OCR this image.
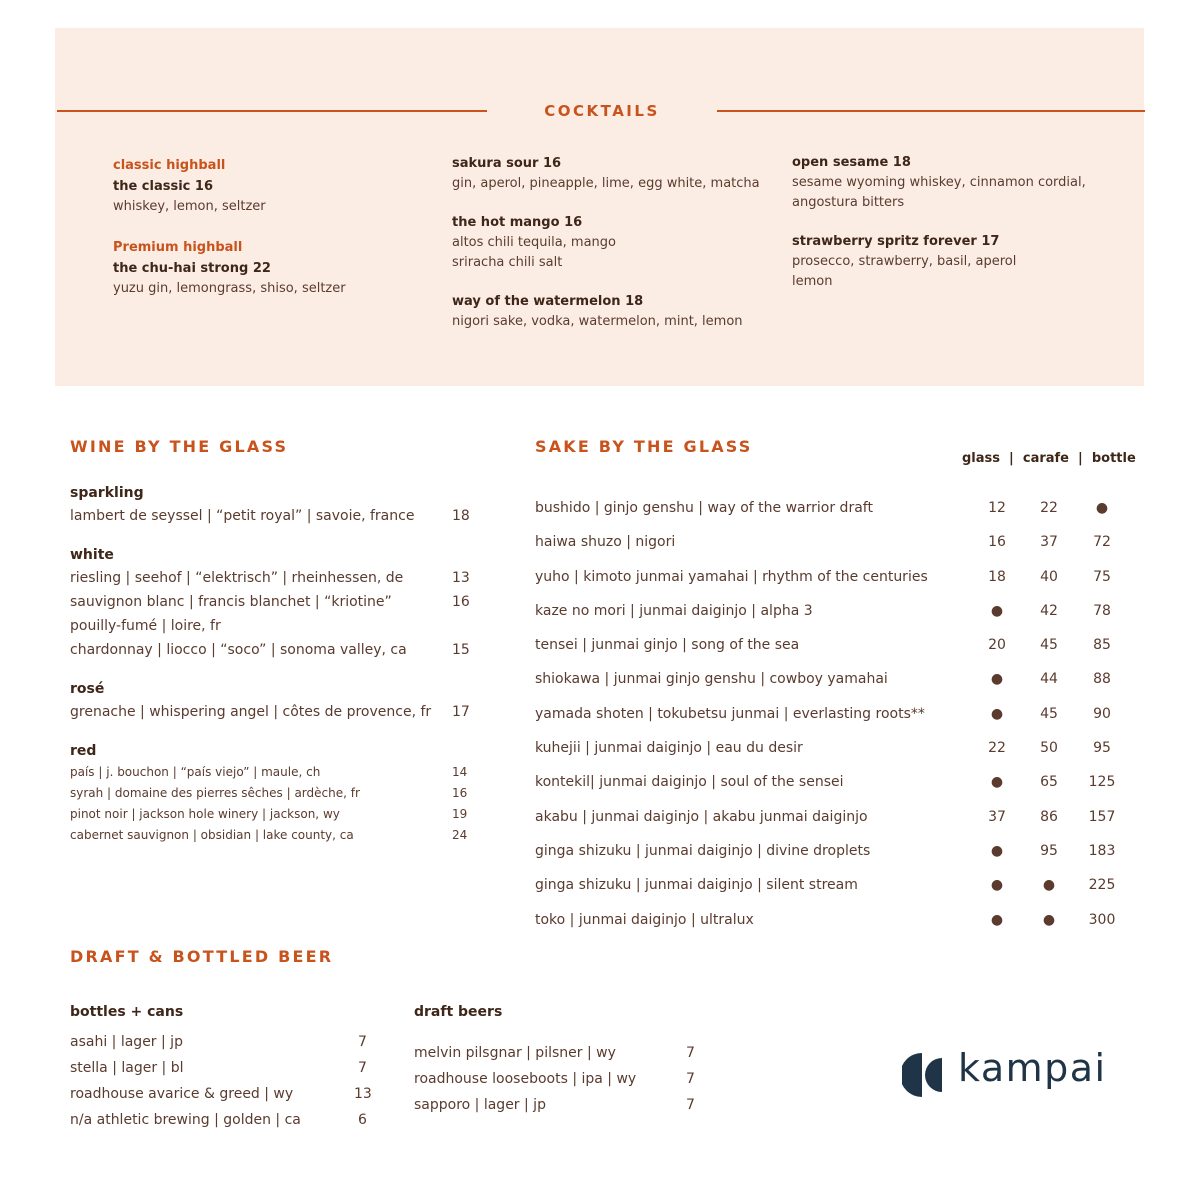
COCKTAILS
classic highball
the classic 16
whiskey, lemon, seltzer
Premium highball
the chu-hai strong 22
yuzu gin, lemongrass, shiso, seltzer
sakura sour 16
gin, aperol, pineapple, lime, egg white, matcha
the hot mango 16
altos chili tequila, mango
sriracha chili salt
way of the watermelon 18
nigori sake, vodka, watermelon, mint, lemon
open sesame 18
sesame wyoming whiskey, cinnamon cordial,
angostura bitters
strawberry spritz forever 17
prosecco, strawberry, basil, aperol
lemon
WINE BY THE GLASS
sparkling
lambert de seyssel | “petit royal” | savoie, france	18
white
riesling | seehof | “elektrisch” | rheinhessen, de	13
sauvignon blanc | francis blanchet | “kriotine”	16
pouilly-fumé | loire, fr
chardonnay | liocco | “soco” | sonoma valley, ca	15
rosé
grenache | whispering angel | côtes de provence, fr 17
red
país | j. bouchon | “país viejo” | maule, ch	14
syrah | domaine des pierres sêches | ardèche, fr	16
pinot noir | jackson hole winery | jackson, wy	19
cabernet sauvignon | obsidian | lake county, ca	24
SAKE BY THE GLASS
glass  |  carafe  |  bottle
bushido | ginjo genshu | way of the warrior draft	12	22	●
haiwa shuzo | nigori	16	37	72
yuho | kimoto junmai yamahai | rhythm of the centuries	18	40	75
kaze no mori | junmai daiginjo | alpha 3	●	42	78
tensei | junmai ginjo | song of the sea	20	45	85
shiokawa | junmai ginjo genshu | cowboy yamahai	●	44	88
yamada shoten | tokubetsu junmai | everlasting roots**	●	45	90
kuhejii | junmai daiginjo | eau du desir	22	50	95
kontekil| junmai daiginjo | soul of the sensei	●	65	125
akabu | junmai daiginjo | akabu junmai daiginjo	37	86	157
ginga shizuku | junmai daiginjo | divine droplets	●	95	183
ginga shizuku | junmai daiginjo | silent stream	●	●	225
toko | junmai daiginjo | ultralux	●	●	300
DRAFT & BOTTLED BEER
bottles + cans
asahi | lager | jp	7
stella | lager | bl	7
roadhouse avarice & greed | wy	13
n/a athletic brewing | golden | ca	6
draft beers
melvin pilsgnar | pilsner | wy	7
roadhouse looseboots | ipa | wy	7
sapporo | lager | jp	7
kampai
